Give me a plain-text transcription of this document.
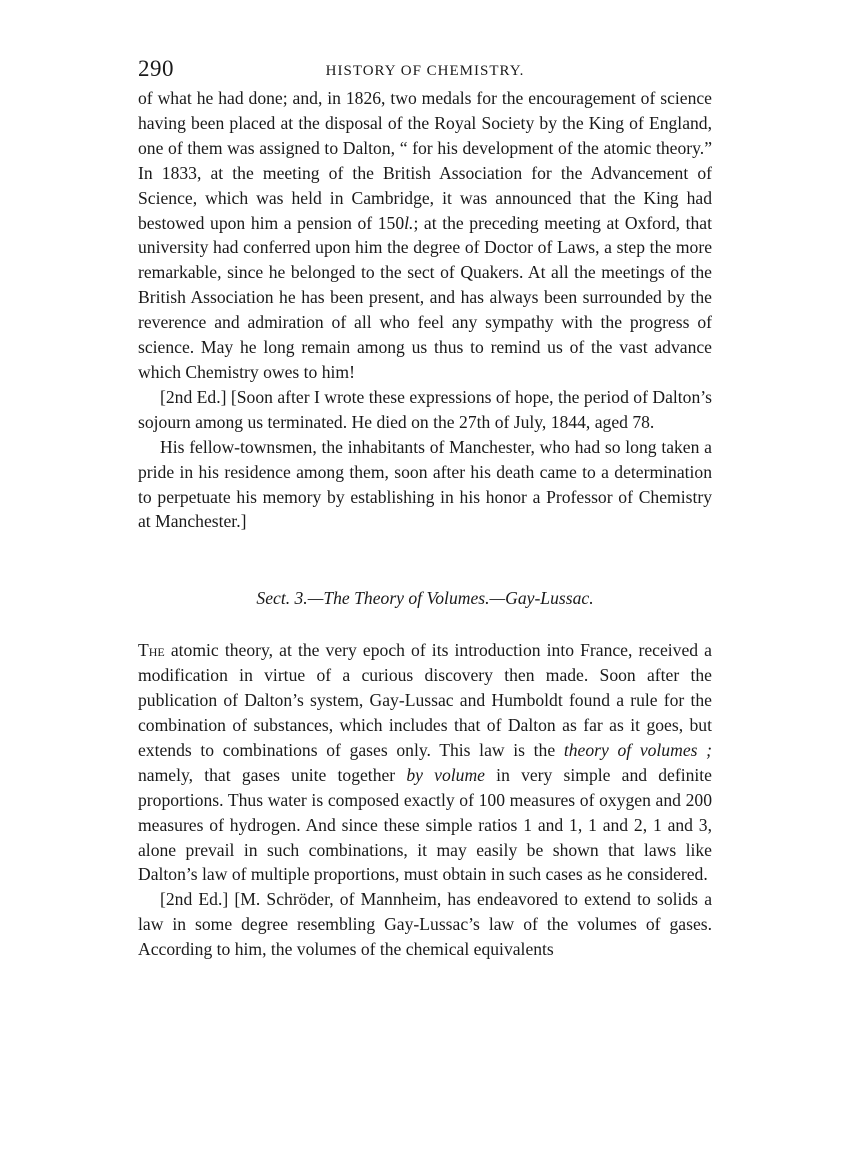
290	HISTORY OF CHEMISTRY.

of what he had done; and, in 1826, two medals for the encouragement of science having been placed at the disposal of the Royal Society by the King of England, one of them was assigned to Dalton, “ for his development of the atomic theory.” In 1833, at the meeting of the British Association for the Advancement of Science, which was held in Cambridge, it was announced that the King had bestowed upon him a pension of 150l.; at the preceding meeting at Oxford, that university had conferred upon him the degree of Doctor of Laws, a step the more remarkable, since he belonged to the sect of Quakers. At all the meetings of the British Association he has been present, and has always been surrounded by the reverence and admiration of all who feel any sympathy with the progress of science. May he long remain among us thus to remind us of the vast advance which Chemistry owes to him!

[2nd Ed.] [Soon after I wrote these expressions of hope, the period of Dalton’s sojourn among us terminated. He died on the 27th of July, 1844, aged 78.

His fellow-townsmen, the inhabitants of Manchester, who had so long taken a pride in his residence among them, soon after his death came to a determination to perpetuate his memory by establishing in his honor a Professor of Chemistry at Manchester.]

Sect. 3.—The Theory of Volumes.—Gay-Lussac.

The atomic theory, at the very epoch of its introduction into France, received a modification in virtue of a curious discovery then made. Soon after the publication of Dalton’s system, Gay-Lussac and Humboldt found a rule for the combination of substances, which includes that of Dalton as far as it goes, but extends to combinations of gases only. This law is the theory of volumes ; namely, that gases unite together by volume in very simple and definite proportions. Thus water is composed exactly of 100 measures of oxygen and 200 measures of hydrogen. And since these simple ratios 1 and 1, 1 and 2, 1 and 3, alone prevail in such combinations, it may easily be shown that laws like Dalton’s law of multiple proportions, must obtain in such cases as he considered.

[2nd Ed.] [M. Schröder, of Mannheim, has endeavored to extend to solids a law in some degree resembling Gay-Lussac’s law of the volumes of gases. According to him, the volumes of the chemical equivalents
